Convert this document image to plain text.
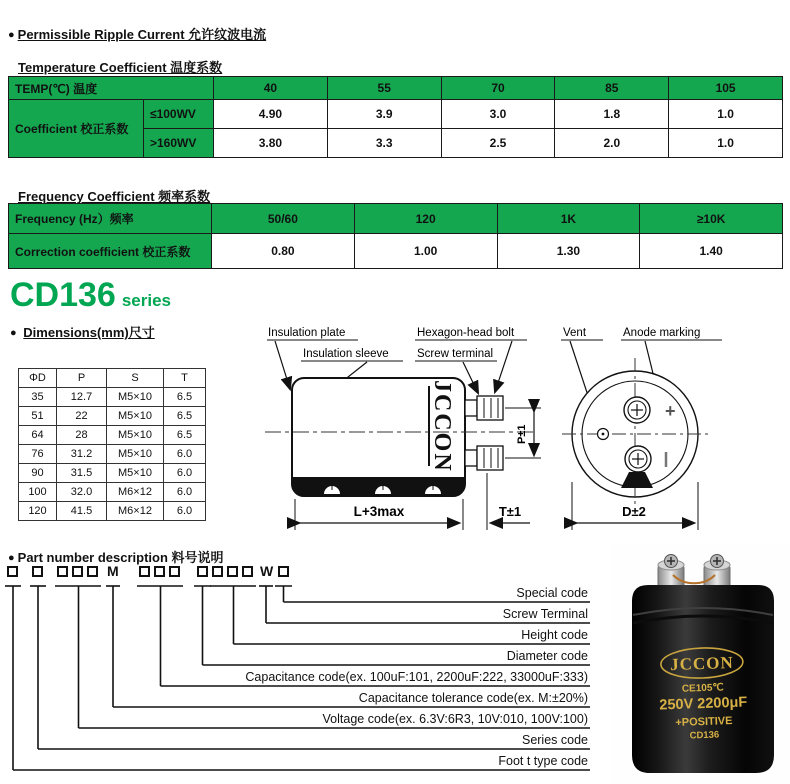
● Permissible Ripple Current 允许纹波电流
Temperature Coefficient 温度系数
TEMP(℃) 温度		40	55	70	85	105
Coefficient 校正系数	≤100WV	4.90	3.9	3.0	1.8	1.0
	>160WV	3.80	3.3	2.5	2.0	1.0
Frequency Coefficient 频率系数
Frequency (Hz）频率	50/60	120	1K	≥10K
Correction coefficient 校正系数	0.80	1.00	1.30	1.40
CD136 series
● Dimensions(mm)尺寸
ΦD	P	S	T
35	12.7	M5×10	6.5
51	22	M5×10	6.5
64	28	M5×10	6.5
76	31.2	M5×10	6.0
90	31.5	M5×10	6.0
100	32.0	M6×12	6.0
120	41.5	M6×12	6.0
Insulation plate
Insulation sleeve
Hexagon-head bolt
Screw terminal
Vent	Anode marking
JCCON	P±1
L+3max	T±1
+
D±2
● Part number description 料号说明
M	W
Special code
Screw Terminal
Height code
Diameter code
Capacitance code(ex. 100uF:101, 2200uF:222, 33000uF:333)
Capacitance tolerance code(ex. M:±20%)
Voltage code(ex. 6.3V:6R3, 10V:010, 100V:100)
Series code
Foot t type code
JCCON
CE105℃
250V 2200μF
+POSITIVE
CD136
